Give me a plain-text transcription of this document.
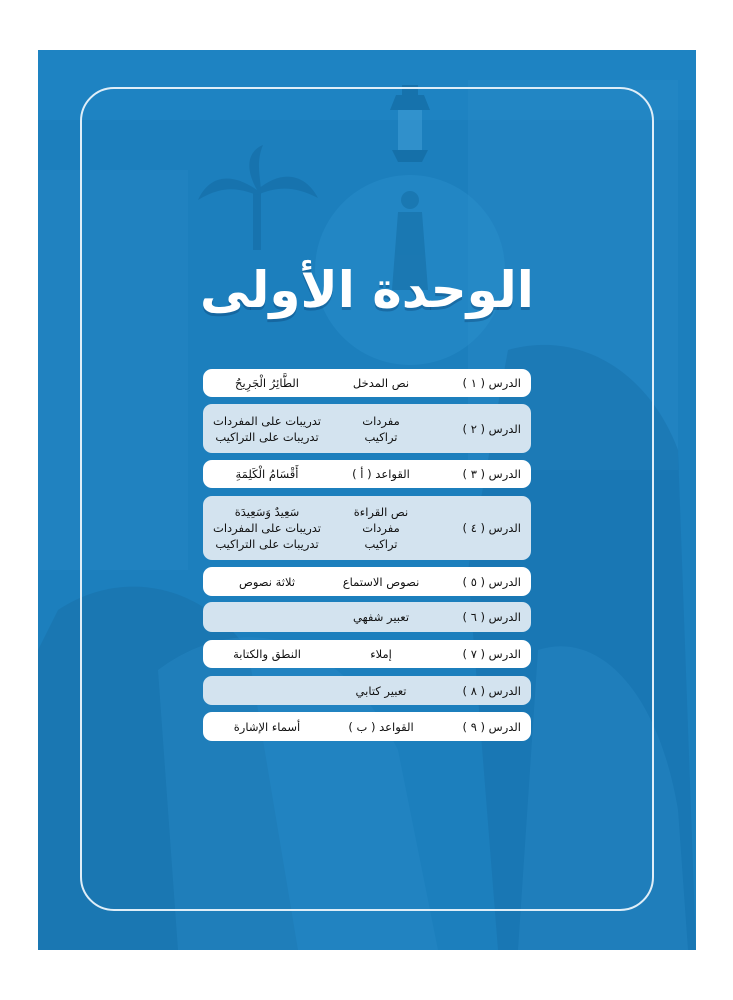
الوحدة الأولى
الدرس ( ١ )
نص المدخل
الطَّائِرُ الْجَرِيحُ
الدرس ( ٢ )
مفردات
تراكيب
تدريبات على المفردات
تدريبات على التراكيب
الدرس ( ٣ )
القواعد ( أ )
أَقْسَامُ الْكَلِمَةِ
الدرس ( ٤ )
نص القراءة
مفردات
تراكيب
سَعِيدٌ وَسَعِيدَة
تدريبات على المفردات
تدريبات على التراكيب
الدرس ( ٥ )
نصوص الاستماع
ثلاثة نصوص
الدرس ( ٦ )
تعبير شفهي
الدرس ( ٧ )
إملاء
النطق والكتابة
الدرس ( ٨ )
تعبير كتابي
الدرس ( ٩ )
القواعد ( ب )
أسماء الإشارة
